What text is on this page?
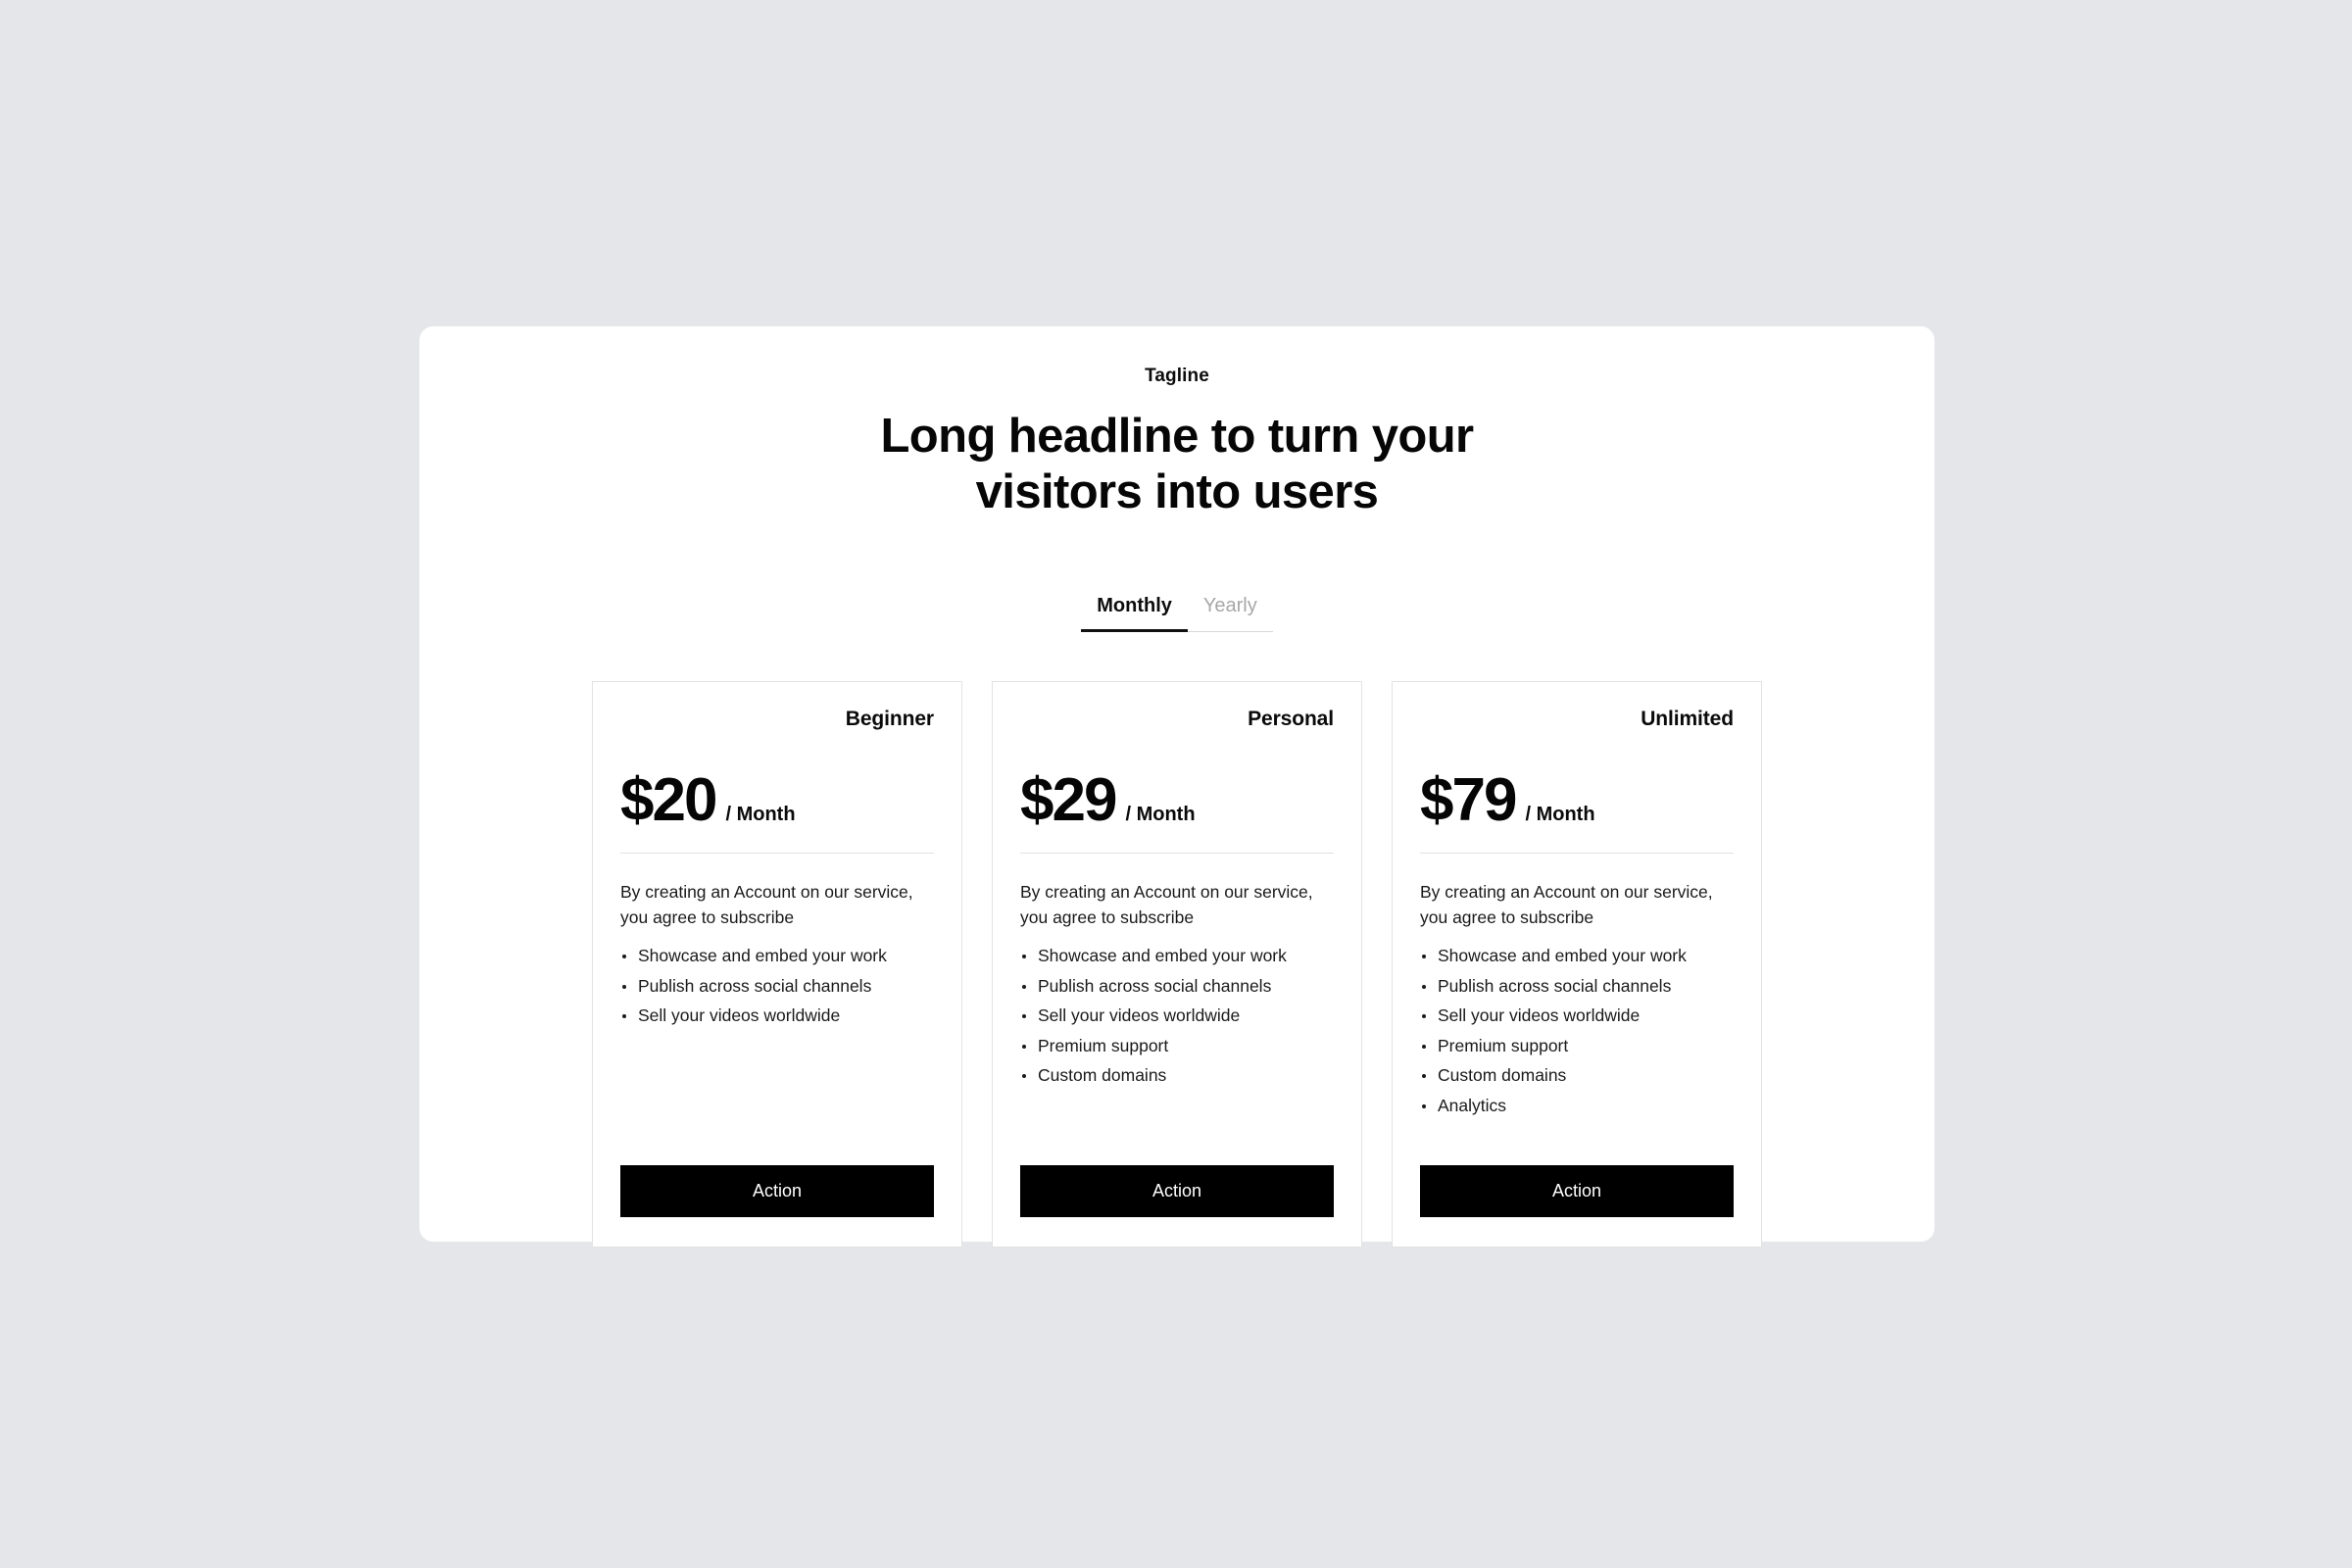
Tagline
Long headline to turn your visitors into users
Monthly	Yearly
Beginner
$20 / Month
By creating an Account on our service, you agree to subscribe
Showcase and embed your work
Publish across social channels
Sell your videos worldwide
Action
Personal
$29 / Month
By creating an Account on our service, you agree to subscribe
Showcase and embed your work
Publish across social channels
Sell your videos worldwide
Premium support
Custom domains
Action
Unlimited
$79 / Month
By creating an Account on our service, you agree to subscribe
Showcase and embed your work
Publish across social channels
Sell your videos worldwide
Premium support
Custom domains
Analytics
Action
